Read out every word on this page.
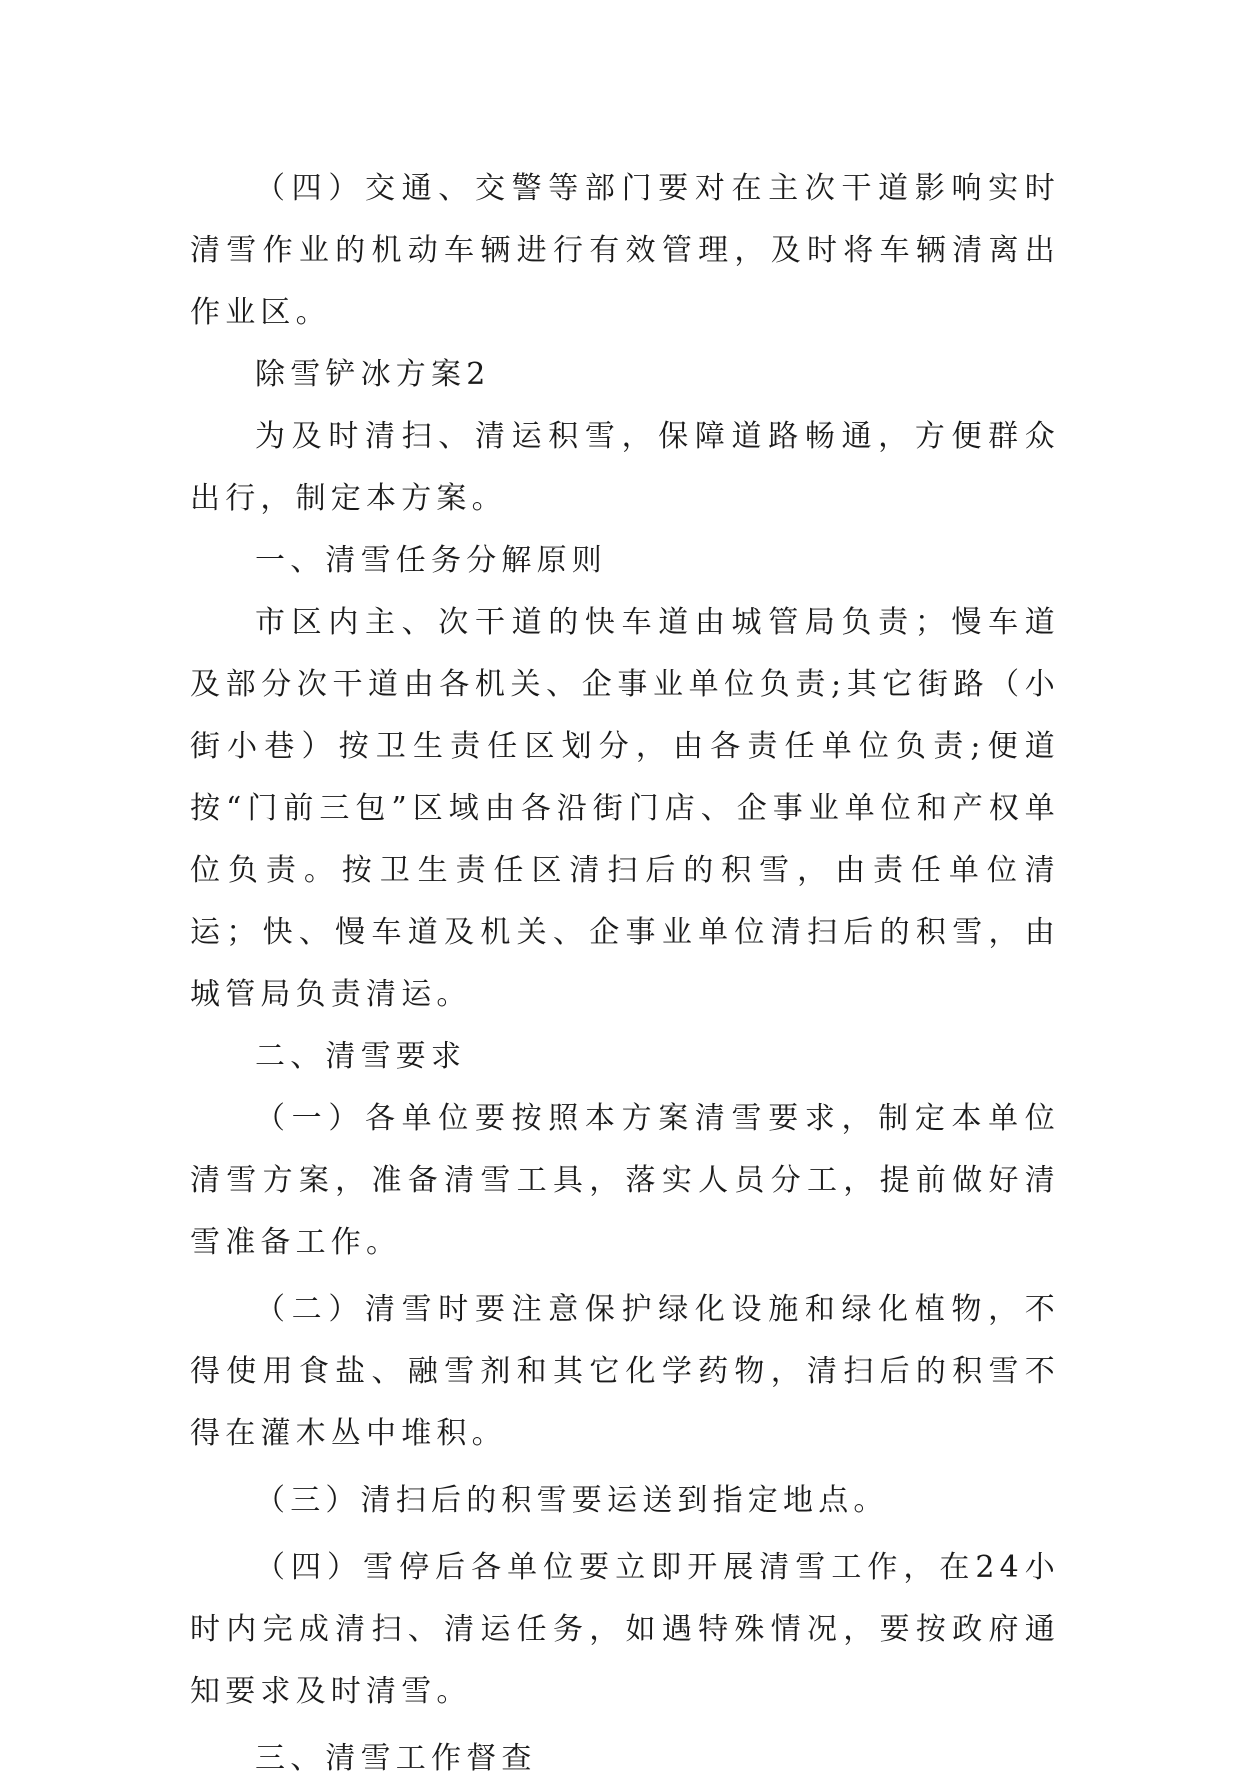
（四）交通、交警等部门要对在主次干道影响实时清雪作业的机动车辆进行有效管理，及时将车辆清离出作业区。

除雪铲冰方案2

为及时清扫、清运积雪，保障道路畅通，方便群众出行，制定本方案。

一、清雪任务分解原则

市区内主、次干道的快车道由城管局负责；慢车道及部分次干道由各机关、企事业单位负责;其它街路（小街小巷）按卫生责任区划分，由各责任单位负责;便道按“门前三包”区域由各沿街门店、企事业单位和产权单位负责。按卫生责任区清扫后的积雪，由责任单位清运；快、慢车道及机关、企事业单位清扫后的积雪，由城管局负责清运。

二、清雪要求

（一）各单位要按照本方案清雪要求，制定本单位清雪方案，准备清雪工具，落实人员分工，提前做好清雪准备工作。

（二）清雪时要注意保护绿化设施和绿化植物，不得使用食盐、融雪剂和其它化学药物，清扫后的积雪不得在灌木丛中堆积。

（三）清扫后的积雪要运送到指定地点。

（四）雪停后各单位要立即开展清雪工作，在24小时内完成清扫、清运任务，如遇特殊情况，要按政府通知要求及时清雪。

三、清雪工作督查
